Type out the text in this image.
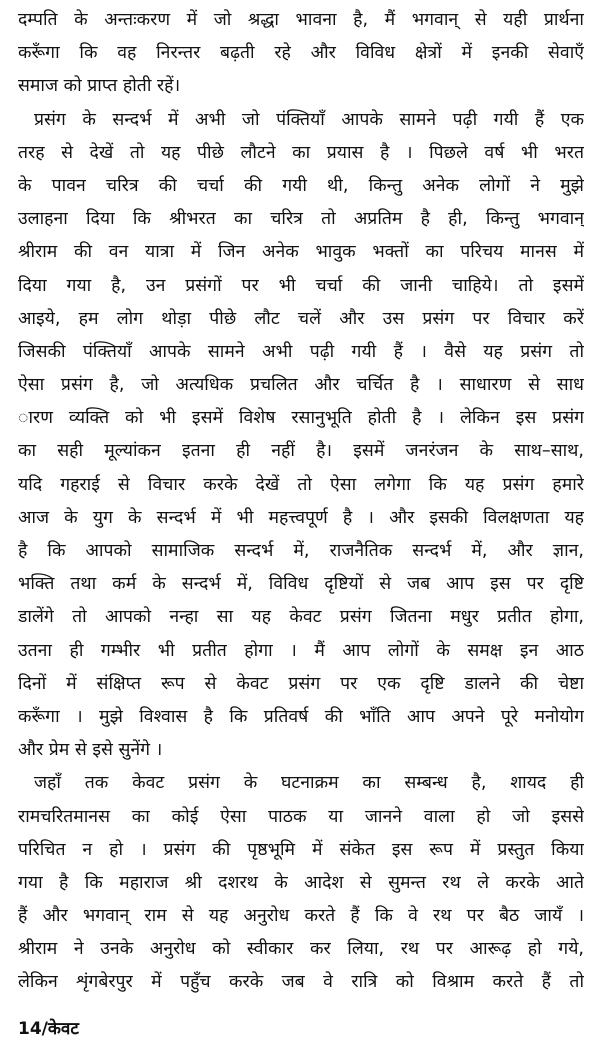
दम्पति के अन्तःकरण में जो श्रद्धा भावना है, मैं भगवान् से यही प्रार्थना
करूँगा कि वह निरन्तर बढ़ती रहे और विविध क्षेत्रों में इनकी सेवाएँ
समाज को प्राप्त होती रहें।
प्रसंग के सन्दर्भ में अभी जो पंक्तियाँ आपके सामने पढ़ी गयी हैं एक
तरह से देखें तो यह पीछे लौटने का प्रयास है । पिछले वर्ष भी भरत
के पावन चरित्र की चर्चा की गयी थी, किन्तु अनेक लोगों ने मुझे
उलाहना दिया कि श्रीभरत का चरित्र तो अप्रतिम है ही, किन्तु भगवान्
श्रीराम की वन यात्रा में जिन अनेक भावुक भक्तों का परिचय मानस में
दिया गया है, उन प्रसंगों पर भी चर्चा की जानी चाहिये। तो इसमें
आइये, हम लोग थोड़ा पीछे लौट चलें और उस प्रसंग पर विचार करें
जिसकी पंक्तियाँ आपके सामने अभी पढ़ी गयी हैं । वैसे यह प्रसंग तो
ऐसा प्रसंग है, जो अत्यधिक प्रचलित और चर्चित है । साधारण से साध
ारण व्यक्ति को भी इसमें विशेष रसानुभूति होती है । लेकिन इस प्रसंग
का सही मूल्यांकन इतना ही नहीं है। इसमें जनरंजन के साथ–साथ,
यदि गहराई से विचार करके देखें तो ऐसा लगेगा कि यह प्रसंग हमारे
आज के युग के सन्दर्भ में भी महत्त्वपूर्ण है । और इसकी विलक्षणता यह
है कि आपको सामाजिक सन्दर्भ में, राजनैतिक सन्दर्भ में, और ज्ञान,
भक्ति तथा कर्म के सन्दर्भ में, विविध दृष्टियों से जब आप इस पर दृष्टि
डालेंगे तो आपको नन्हा सा यह केवट प्रसंग जितना मधुर प्रतीत होगा,
उतना ही गम्भीर भी प्रतीत होगा । मैं आप लोगों के समक्ष इन आठ
दिनों में संक्षिप्त रूप से केवट प्रसंग पर एक दृष्टि डालने की चेष्टा
करूँगा । मुझे विश्वास है कि प्रतिवर्ष की भाँति आप अपने पूरे मनोयोग
और प्रेम से इसे सुनेंगे ।
जहाँ तक केवट प्रसंग के घटनाक्रम का सम्बन्ध है, शायद ही
रामचरितमानस का कोई ऐसा पाठक या जानने वाला हो जो इससे
परिचित न हो । प्रसंग की पृष्ठभूमि में संकेत इस रूप में प्रस्तुत किया
गया है कि महाराज श्री दशरथ के आदेश से सुमन्त रथ ले करके आते
हैं और भगवान् राम से यह अनुरोध करते हैं कि वे रथ पर बैठ जायँ ।
श्रीराम ने उनके अनुरोध को स्वीकार कर लिया, रथ पर आरूढ़ हो गये,
लेकिन शृंगबेरपुर में पहुँच करके जब वे रात्रि को विश्राम करते हैं तो
14/केवट
